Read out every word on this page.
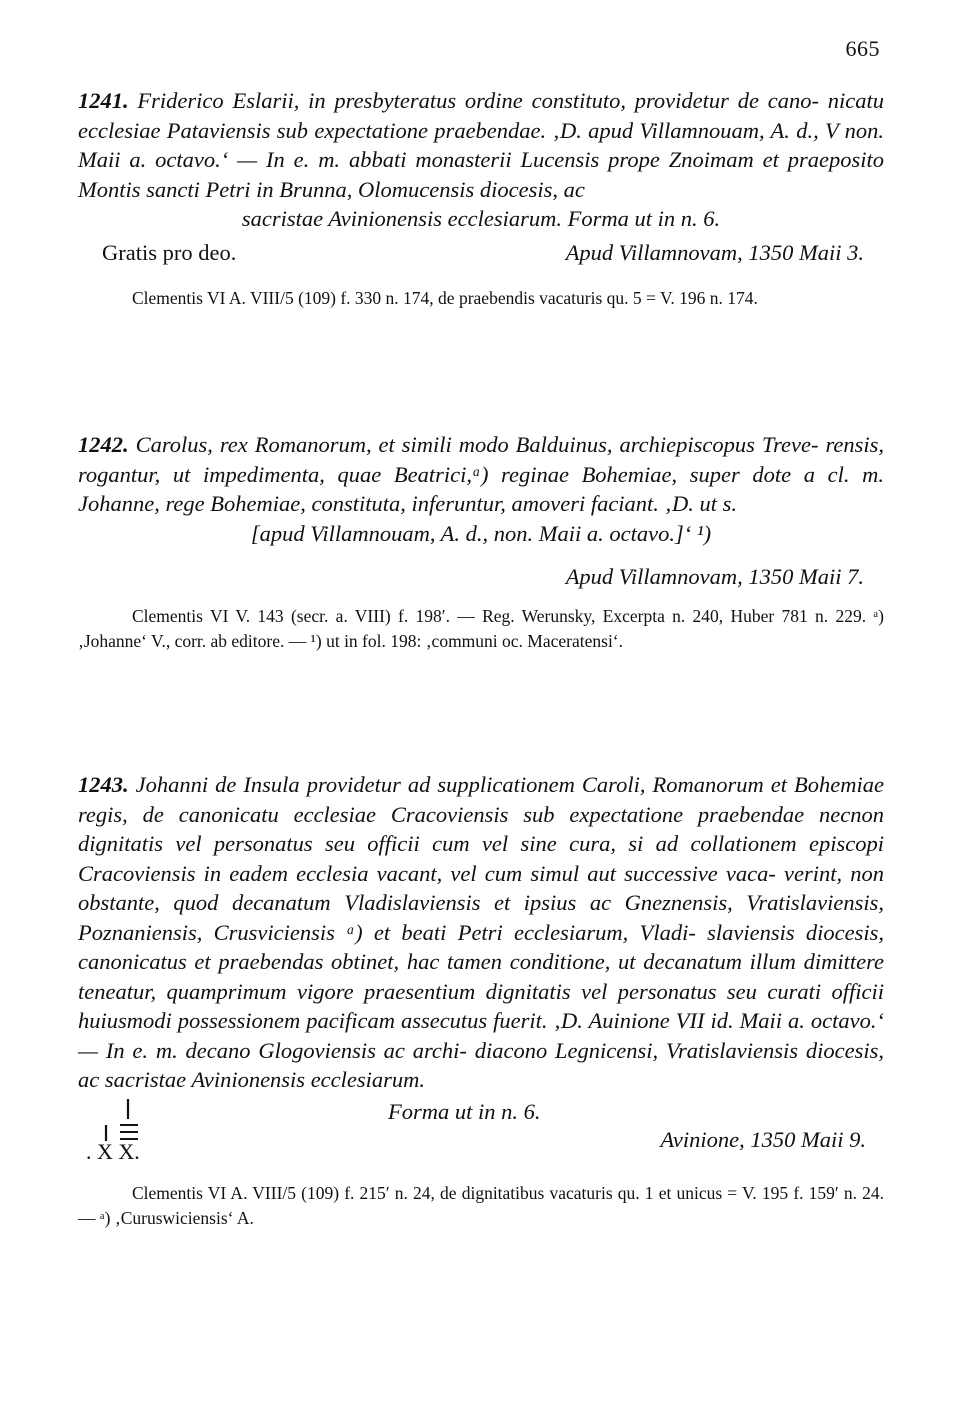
665

1241. Friderico Eslarii, in presbyteratus ordine constituto, providetur de cano- nicatu ecclesiae Pataviensis sub expectatione praebendae. ‚D. apud Villamnouam, A. d., V non. Maii a. octavo.‘ — In e. m. abbati monasterii Lucensis prope Znoimam et praeposito Montis sancti Petri in Brunna, Olomucensis diocesis, ac

sacristae Avinionensis ecclesiarum. Forma ut in n. 6.

Gratis pro deo.	Apud Villamnovam, 1350 Maii 3.

Clementis VI A. VIII/5 (109) f. 330 n. 174, de praebendis vacaturis qu. 5 = V. 196 n. 174.

1242. Carolus, rex Romanorum, et simili modo Balduinus, archiepiscopus Treve- rensis, rogantur, ut impedimenta, quae Beatrici,ᵃ) reginae Bohemiae, super dote a cl. m. Johanne, rege Bohemiae, constituta, inferuntur, amoveri faciant. ‚D. ut s.

[apud Villamnouam, A. d., non. Maii a. octavo.]‘ ¹)

Apud Villamnovam, 1350 Maii 7.

Clementis VI V. 143 (secr. a. VIII) f. 198′. — Reg. Werunsky, Excerpta n. 240, Huber 781 n. 229. ᵃ) ‚Johanne‘ V., corr. ab editore. — ¹) ut in fol. 198: ‚communi oc. Maceratensi‘.

1243. Johanni de Insula providetur ad supplicationem Caroli, Romanorum et Bohemiae regis, de canonicatu ecclesiae Cracoviensis sub expectatione praebendae necnon dignitatis vel personatus seu officii cum vel sine cura, si ad collationem episcopi Cracoviensis in eadem ecclesia vacant, vel cum simul aut successive vaca- verint, non obstante, quod decanatum Vladislaviensis et ipsius ac Gneznensis, Vratislaviensis, Poznaniensis, Crusviciensis ᵃ) et beati Petri ecclesiarum, Vladi- slaviensis diocesis, canonicatus et praebendas obtinet, hac tamen conditione, ut decanatum illum dimittere teneatur, quamprimum vigore praesentium dignitatis vel personatus seu curati officii huiusmodi possessionem pacificam assecutus fuerit. ‚D. Auinione VII id. Maii a. octavo.‘ — In e. m. decano Glogoviensis ac archi- diacono Legnicensi, Vratislaviensis diocesis, ac sacristae Avinionensis ecclesiarum.

. X X.
Forma ut in n. 6.
Avinione, 1350 Maii 9.

Clementis VI A. VIII/5 (109) f. 215′ n. 24, de dignitatibus vacaturis qu. 1 et unicus = V. 195 f. 159′ n. 24. — ᵃ) ‚Curuswiciensis‘ A.
